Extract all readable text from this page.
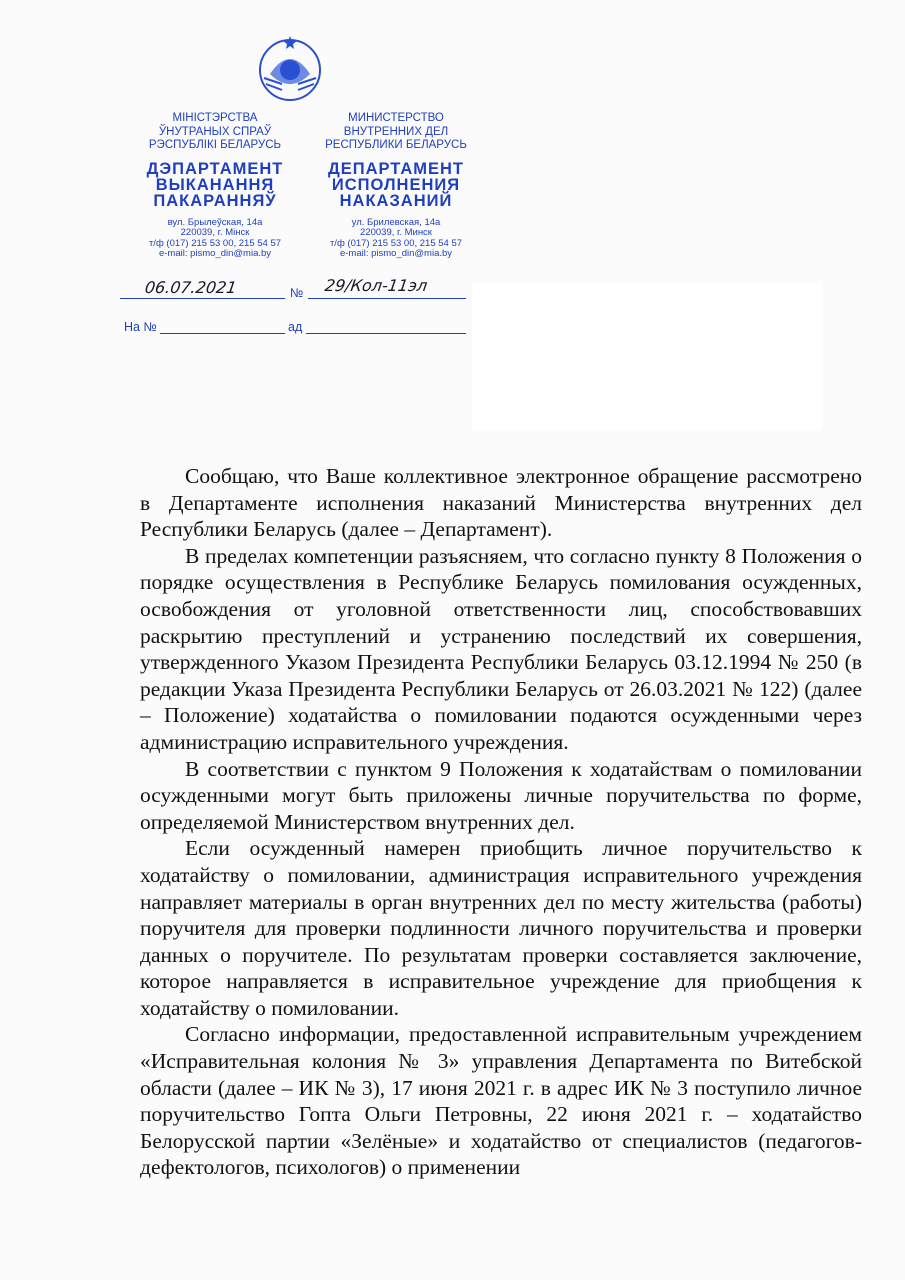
МІНІСТЭРСТВА
ЎНУТРАНЫХ СПРАЎ
РЭСПУБЛІКІ БЕЛАРУСЬ
ДЭПАРТАМЕНТ
ВЫКАНАННЯ
ПАКАРАННЯЎ
вул. Брылеўская, 14а
220039, г. Мінск
т/ф (017) 215 53 00, 215 54 57
e-mail: pismo_din@mia.by
МИНИСТЕРСТВО
ВНУТРЕННИХ ДЕЛ
РЕСПУБЛИКИ БЕЛАРУСЬ
ДЕПАРТАМЕНТ
ИСПОЛНЕНИЯ
НАКАЗАНИЙ
ул. Брилевская, 14а
220039, г. Минск
т/ф (017) 215 53 00, 215 54 57
e-mail: pismo_din@mia.by
06.07.2021	№ 29/Кол-11эл
На №	ад

Сообщаю, что Ваше коллективное электронное обращение рассмотрено в Департаменте исполнения наказаний Министерства внутренних дел Республики Беларусь (далее – Департамент).

В пределах компетенции разъясняем, что согласно пункту 8 Положения о порядке осуществления в Республике Беларусь помилования осужденных, освобождения от уголовной ответственности лиц, способствовавших раскрытию преступлений и устранению последствий их совершения, утвержденного Указом Президента Республики Беларусь 03.12.1994 № 250 (в редакции Указа Президента Республики Беларусь от 26.03.2021 № 122) (далее – Положение) ходатайства о помиловании подаются осужденными через администрацию исправительного учреждения.

В соответствии с пунктом 9 Положения к ходатайствам о помиловании осужденными могут быть приложены личные поручительства по форме, определяемой Министерством внутренних дел.

Если осужденный намерен приобщить личное поручительство к ходатайству о помиловании, администрация исправительного учреждения направляет материалы в орган внутренних дел по месту жительства (работы) поручителя для проверки подлинности личного поручительства и проверки данных о поручителе. По результатам проверки составляется заключение, которое направляется в исправительное учреждение для приобщения к ходатайству о помиловании.

Согласно информации, предоставленной исправительным учреждением «Исправительная колония № 3» управления Департамента по Витебской области (далее – ИК № 3), 17 июня 2021 г. в адрес ИК № 3 поступило личное поручительство Гопта Ольги Петровны, 22 июня 2021 г. – ходатайство Белорусской партии «Зелёные» и ходатайство от специалистов (педагогов-дефектологов, психологов) о применении
